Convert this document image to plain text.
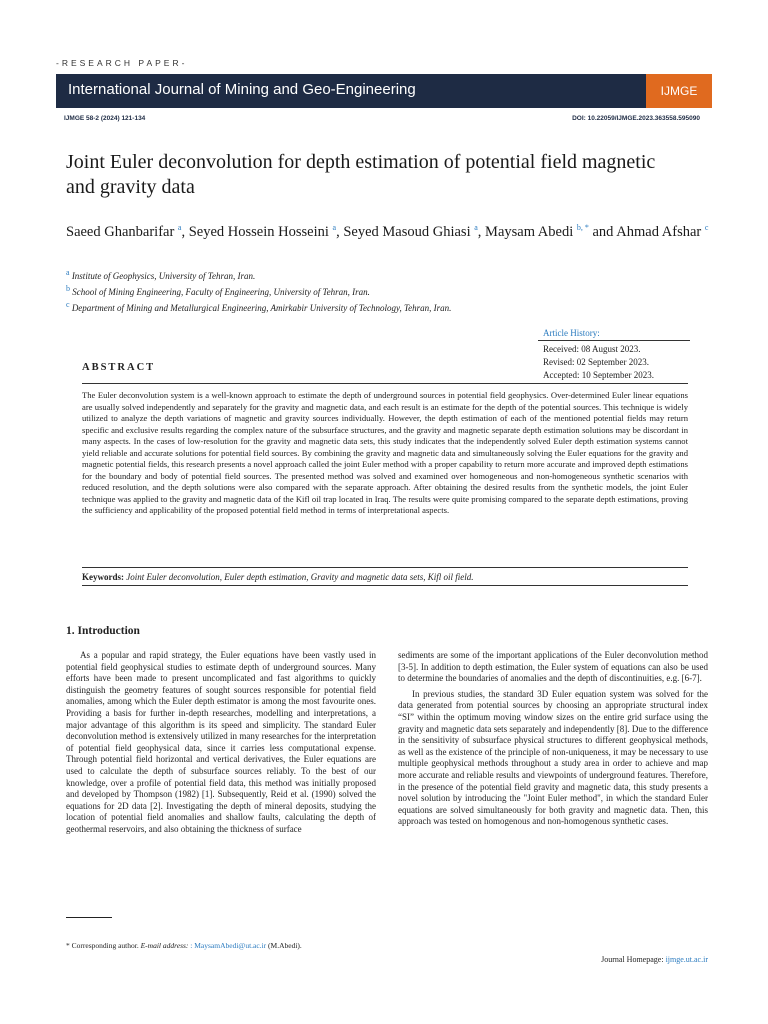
-RESEARCH PAPER-
International Journal of Mining and Geo-Engineering	IJMGE
IJMGE 58-2 (2024) 121-134	DOI: 10.22059/IJMGE.2023.363558.595090
Joint Euler deconvolution for depth estimation of potential field magnetic and gravity data
Saeed Ghanbarifar $^a$, Seyed Hossein Hosseini $^a$, Seyed Masoud Ghiasi $^a$, Maysam Abedi $^{b, *}$ and Ahmad Afshar $^c$
$^a$ Institute of Geophysics, University of Tehran, Iran.
$^b$ School of Mining Engineering, Faculty of Engineering, University of Tehran, Iran.
$^c$ Department of Mining and Metallurgical Engineering, Amirkabir University of Technology, Tehran, Iran.
Article History:
Received: 08 August 2023.
Revised: 02 September 2023.
Accepted: 10 September 2023.
ABSTRACT
The Euler deconvolution system is a well-known approach to estimate the depth of underground sources in potential field geophysics. Over-determined Euler linear equations are usually solved independently and separately for the gravity and magnetic data, and each result is an estimate for the depth of the potential sources. This technique is widely utilized to analyze the depth variations of magnetic and gravity sources individually. However, the depth estimation of each of the mentioned potential fields may return specific and exclusive results regarding the complex nature of the subsurface structures, and the gravity and magnetic separate depth estimation solutions may be discordant in many aspects. In the cases of low-resolution for the gravity and magnetic data sets, this study indicates that the independently solved Euler depth estimation systems cannot yield reliable and accurate solutions for potential field sources. By combining the gravity and magnetic data and simultaneously solving the Euler equations for the gravity and magnetic potential fields, this research presents a novel approach called the joint Euler method with a proper capability to return more accurate and improved depth estimations for the boundary and body of potential field sources. The presented method was solved and examined over homogeneous and non-homogeneous synthetic scenarios with reduced resolution, and the depth solutions were also compared with the separate approach. After obtaining the desired results from the synthetic models, the joint Euler technique was applied to the gravity and magnetic data of the Kifl oil trap located in Iraq. The results were quite promising compared to the separate depth estimations, proving the sufficiency and applicability of the proposed potential field method in terms of interpretational aspects.
Keywords: Joint Euler deconvolution, Euler depth estimation, Gravity and magnetic data sets, Kifl oil field.
1. Introduction

As a popular and rapid strategy, the Euler equations have been vastly used in potential field geophysical studies to estimate depth of underground sources. Many efforts have been made to present uncomplicated and fast algorithms to quickly distinguish the geometry features of sought sources responsible for potential field anomalies, among which the Euler depth estimator is among the most favourite ones. Providing a basis for further in-depth researches, modelling and interpretations, a major advantage of this algorithm is its speed and simplicity. The standard Euler deconvolution method is extensively utilized in many researches for the interpretation of potential field geophysical data, since it carries less computational expense. Through potential field horizontal and vertical derivatives, the Euler equations are used to calculate the depth of subsurface sources reliably. To the best of our knowledge, over a profile of potential field data, this method was initially proposed and developed by Thompson (1982) [1]. Subsequently, Reid et al. (1990) solved the equations for 2D data [2]. Investigating the depth of mineral deposits, studying the location of potential field anomalies and shallow faults, calculating the depth of geothermal reservoirs, and also obtaining the thickness of surface

sediments are some of the important applications of the Euler deconvolution method [3-5]. In addition to depth estimation, the Euler system of equations can also be used to determine the boundaries of anomalies and the depth of discontinuities, e.g. [6-7].

In previous studies, the standard 3D Euler equation system was solved for the data generated from potential sources by choosing an appropriate structural index “SI” within the optimum moving window sizes on the entire grid surface using the gravity and magnetic data sets separately and independently [8]. Due to the difference in the sensitivity of subsurface physical structures to different geophysical methods, as well as the existence of the principle of non-uniqueness, it may be necessary to use multiple geophysical methods throughout a study area in order to achieve and map more accurate and reliable results and viewpoints of underground features. Therefore, in the presence of the potential field gravity and magnetic data, this study presents a novel solution by introducing the "Joint Euler method", in which the standard Euler equations are solved simultaneously for both gravity and magnetic data. Then, this approach was tested on homogenous and non-homogenous synthetic cases.

* Corresponding author. E-mail address: : MaysamAbedi@ut.ac.ir (M.Abedi).
Journal Homepage: ijmge.ut.ac.ir
